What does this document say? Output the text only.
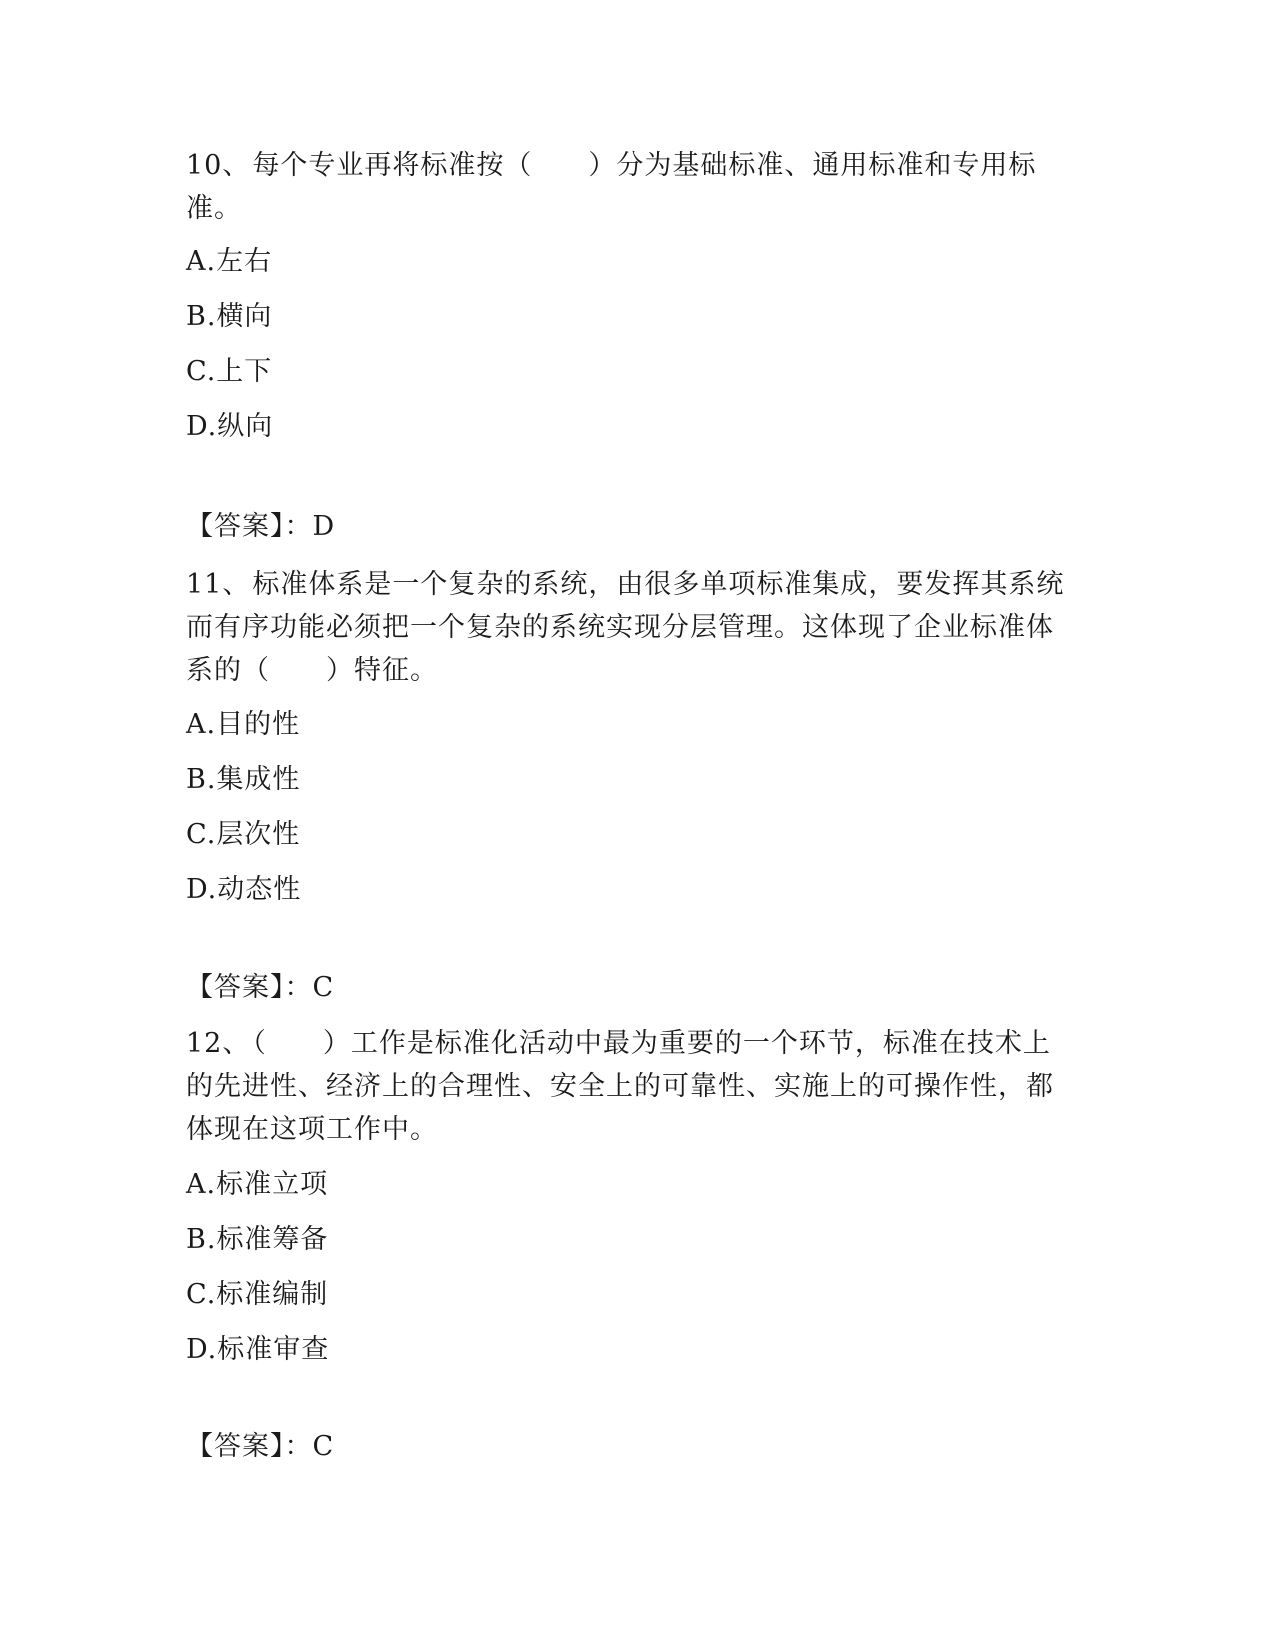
10、每个专业再将标准按（　　）分为基础标准、通用标准和专用标准。

A.左右

B.横向

C.上下

D.纵向

【答案】：D

11、标准体系是一个复杂的系统，由很多单项标准集成，要发挥其系统而有序功能必须把一个复杂的系统实现分层管理。这体现了企业标准体系的（　　）特征。

A.目的性

B.集成性

C.层次性

D.动态性

【答案】：C

12、（　　）工作是标准化活动中最为重要的一个环节，标准在技术上的先进性、经济上的合理性、安全上的可靠性、实施上的可操作性，都体现在这项工作中。

A.标准立项

B.标准筹备

C.标准编制

D.标准审查

【答案】：C
